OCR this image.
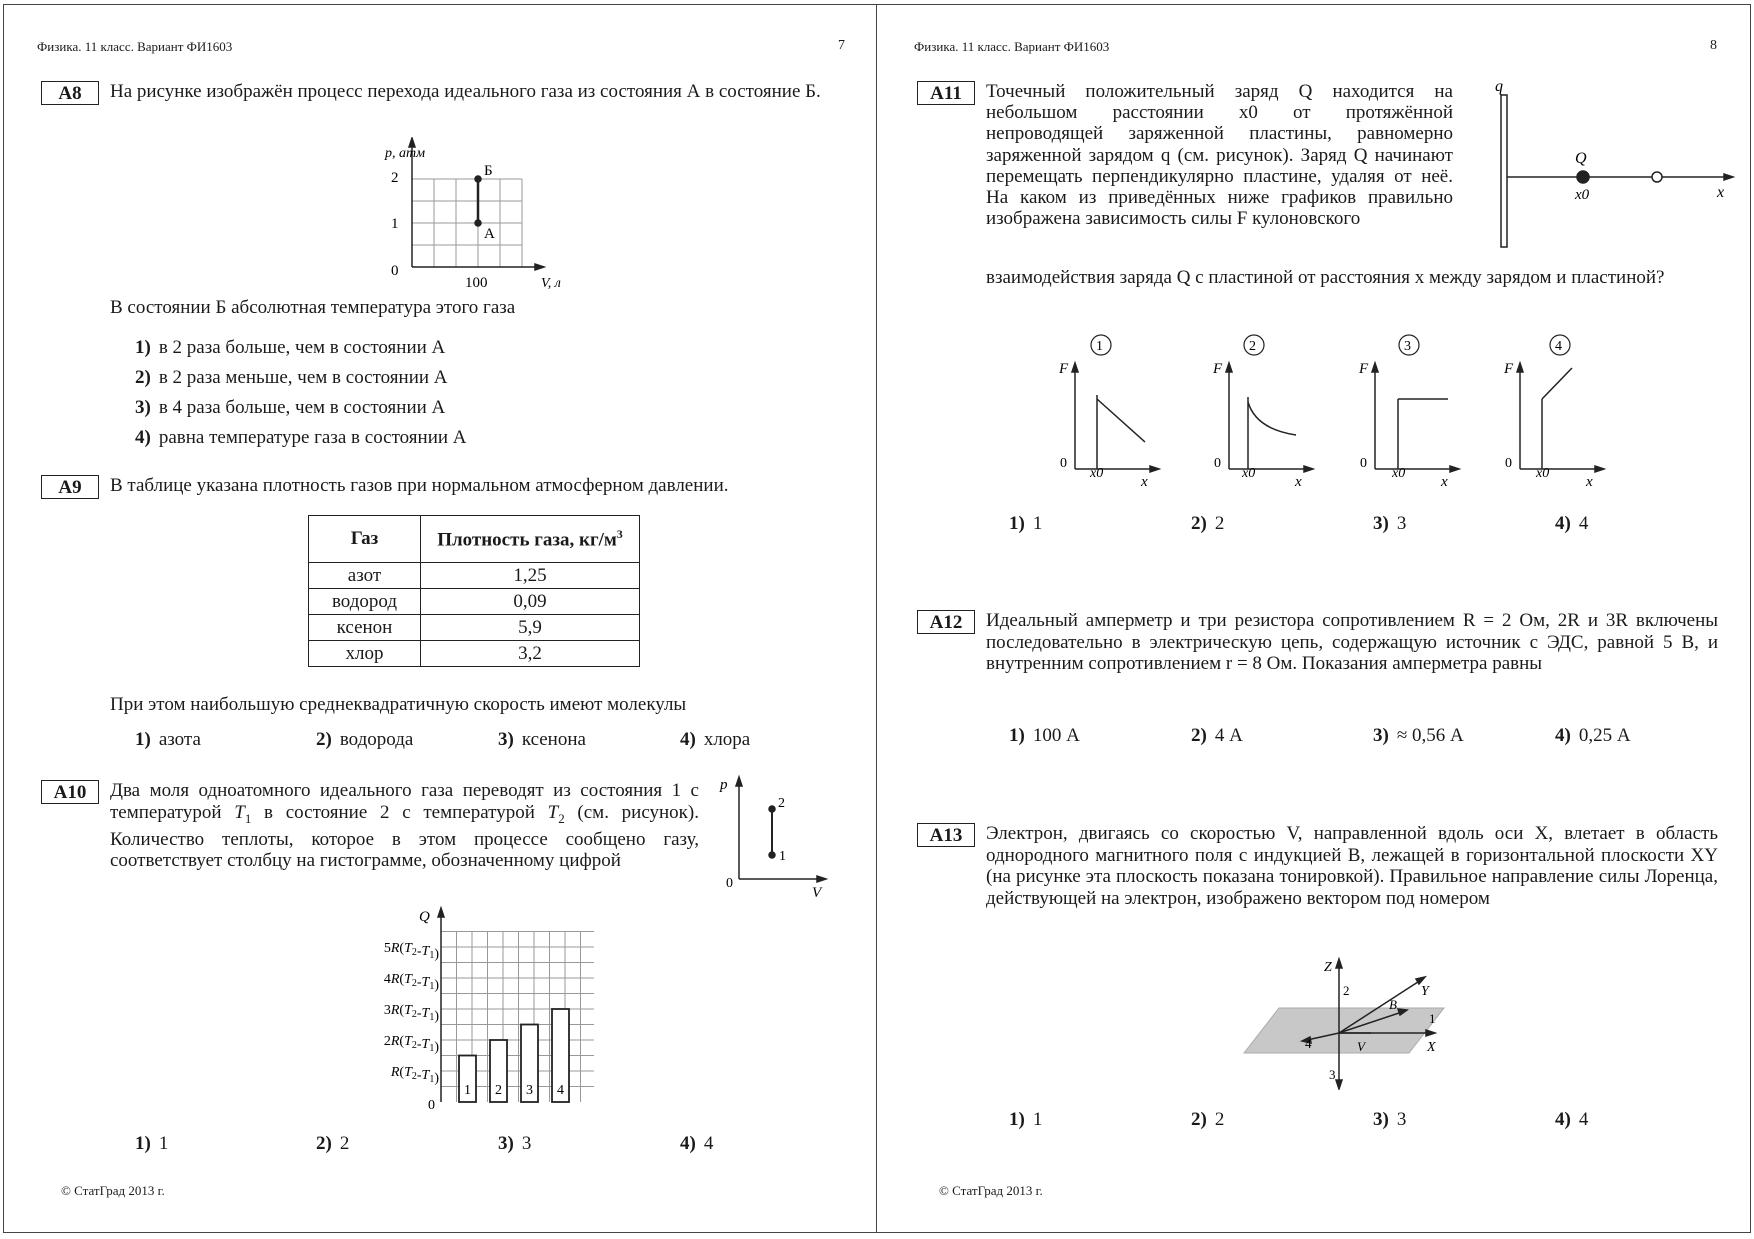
Физика. 11 класс. Вариант ФИ1603	7
A8	На рисунке изображён процесс перехода идеального газа из состояния А в состояние Б.
p, атм
2
1
0
100	V, л
Б
А
В состоянии Б абсолютная температура этого газа
1) в 2 раза больше, чем в состоянии А
2) в 2 раза меньше, чем в состоянии А
3) в 4 раза больше, чем в состоянии А
4) равна температуре газа в состоянии А
A9	В таблице указана плотность газов при нормальном атмосферном давлении.
Газ	Плотность газа, $кг/м^3$
азот	1,25
водород	0,09
ксенон	5,9
хлор	3,2
При этом наибольшую среднеквадратичную скорость имеют молекулы
1) азота	2) водорода	3) ксенона	4) хлора
A10	Два моля одноатомного идеального газа переводят из состояния 1 с температурой $T_1$ в состояние 2 с температурой $T_2$ (см. рисунок). Количество теплоты, которое в этом процессе сообщено газу, соответствует столбцу на гистограмме, обозначенному цифрой
p
0
V
2
1
Q
0
$R(T_2-T_1)$
$2R(T_2-T_1)$
$3R(T_2-T_1)$
$4R(T_2-T_1)$
$5R(T_2-T_1)$
1 2 3 4
1) 1	2) 2	3) 3	4) 4
© СтатГрад 2013 г.
Физика. 11 класс. Вариант ФИ1603	8
A11	Точечный положительный заряд Q находится на небольшом расстоянии x0 от протяжённой непроводящей заряженной пластины, равномерно заряженной зарядом q (см. рисунок). Заряд Q начинают перемещать перпендикулярно пластине, удаляя от неё. На каком из приведённых ниже графиков правильно изображена зависимость силы F кулоновского
взаимодействия заряда Q с пластиной от расстояния x между зарядом и пластиной?
q
Q
x0	x
1
F
0
x0
x
2
F
0
x0
x
3
F
0
x0
x
4
F
0
x0
x
1) 1	2) 2	3) 3	4) 4
A12	Идеальный амперметр и три резистора сопротивлением R = 2 Ом, 2R и 3R включены последовательно в электрическую цепь, содержащую источник с ЭДС, равной 5 В, и внутренним сопротивлением r = 8 Ом. Показания амперметра равны
1) 100 А	2) 4 А	3) ≈ 0,56 А	4) 0,25 А
A13	Электрон, двигаясь со скоростью V, направленной вдоль оси X, влетает в область однородного магнитного поля с индукцией B, лежащей в горизонтальной плоскости XY (на рисунке эта плоскость показана тонировкой). Правильное направление силы Лоренца, действующей на электрон, изображено вектором под номером
Z
Y
X
B
V
2
1
3
4
1) 1	2) 2	3) 3	4) 4
© СтатГрад 2013 г.
